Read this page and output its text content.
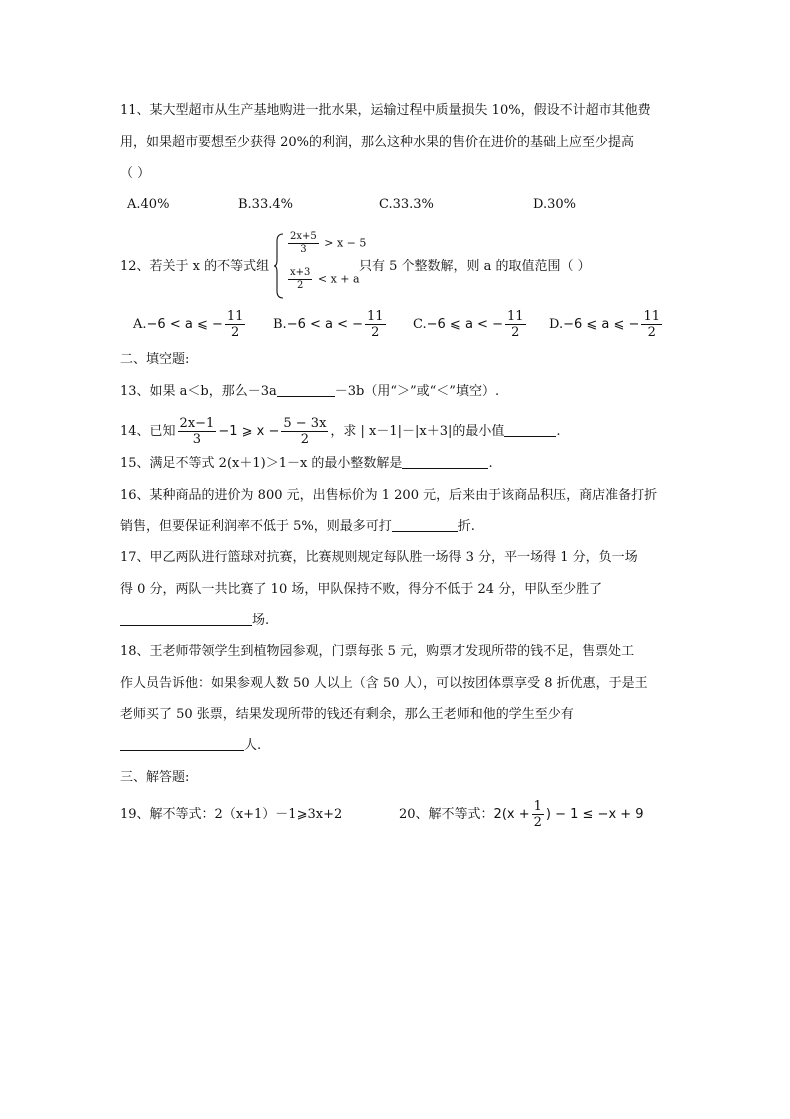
11、某大型超市从生产基地购进一批水果，运输过程中质量损失 10%，假设不计超市其他费
用，如果超市要想至少获得 20%的利润，那么这种水果的售价在进价的基础上应至少提高
（ ）
A.40%	B.33.4%	C.33.3%	D.30%
12、若关于 x 的不等式组
$\frac{2x+5}{3} > x - 5$
$\frac{x+3}{2} < x + a$
只有 5 个整数解，则 a 的取值范围（ ）
A.−6 < a ⩽ − $\frac{11}{2} B.-6 < a$ < − $\frac{11}{2} C.-6$ ⩽ a < − $\frac{11}{2} D.-6$ ⩽ a ⩽ − $\frac{11}{2}$
二、填空题:
13、如果 a＜b，那么－3a	－3b（用“＞”或“＜”填空）.
14、已知 $\frac{2x-1}{3} -1$ ⩾ $x - \frac{5 - 3x}{2}$ ，求 | x－1|－|x＋3|的最小值	.
15、满足不等式 2(x＋1)＞1－x 的最小整数解是	.
16、某种商品的进价为 800 元，出售标价为 1 200 元，后来由于该商品积压，商店准备打折
销售，但要保证利润率不低于 5%，则最多可打	折.
17、甲乙两队进行篮球对抗赛，比赛规则规定每队胜一场得 3 分，平一场得 1 分，负一场
得 0 分，两队一共比赛了 10 场，甲队保持不败，得分不低于 24 分，甲队至少胜了
场.
18、王老师带领学生到植物园参观，门票每张 5 元，购票才发现所带的钱不足，售票处工
作人员告诉他：如果参观人数 50 人以上（含 50 人），可以按团体票享受 8 折优惠，于是王
老师买了 50 张票，结果发现所带的钱还有剩余，那么王老师和他的学生至少有
人.
三、解答题:
19、解不等式：2（x+1）－1⩾3x+2	20、解不等式：$2(x + \frac{1}{2}$ ) − 1 ≤ −x + 9
